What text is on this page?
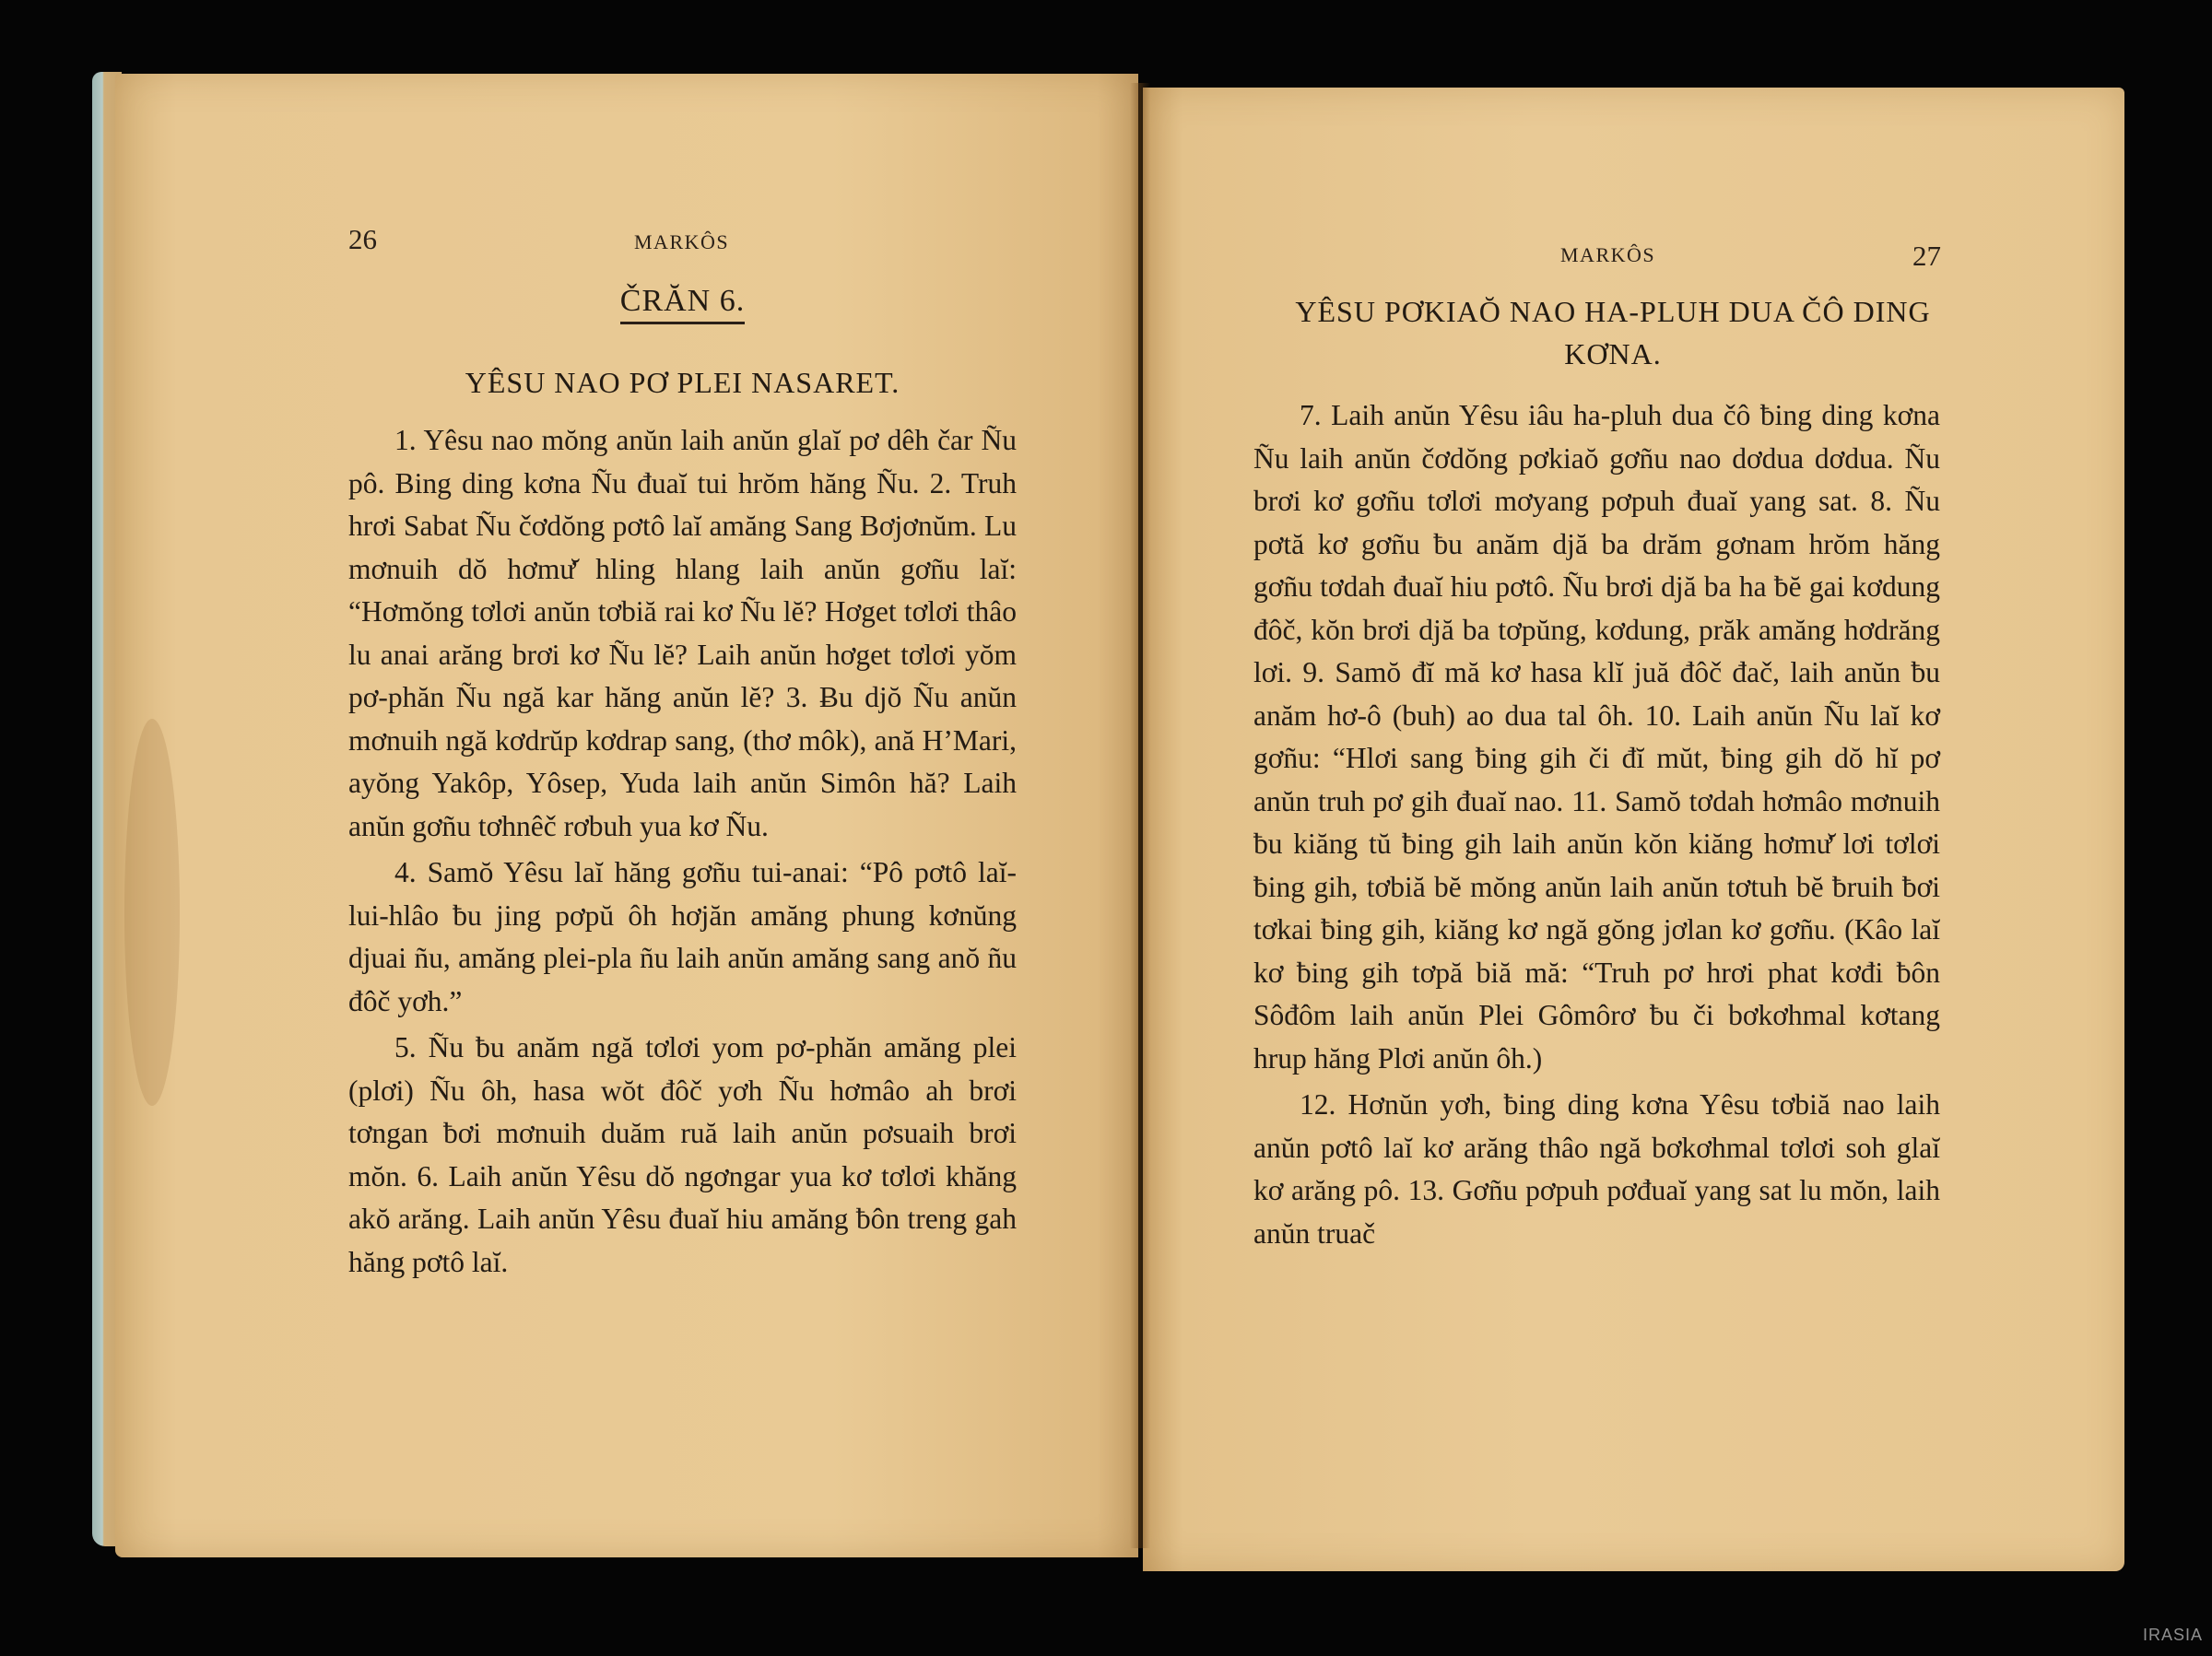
26	MARKÔS
ČRĂN 6.
YÊSU NAO PƠ PLEI NASARET.

1. Yêsu nao mŏng anŭn laih anŭn glaĭ pơ dêh čar Ñu pô. Bing ding kơna Ñu đuaĭ tui hrŏm hăng Ñu. 2. Truh hrơi Sabat Ñu čơdŏng pơtô laĭ amăng Sang Bơjơnŭm. Lu mơnuih dŏ hơmư̆ hling hlang laih anŭn gơñu laĭ: “Hơmŏng tơlơi anŭn tơbiă rai kơ Ñu lĕ? Hơget tơlơi thâo lu anai arăng brơi kơ Ñu lĕ? Laih anŭn hơget tơlơi yŏm pơ-phăn Ñu ngă kar hăng anŭn lĕ? 3. Ƀu djŏ Ñu anŭn mơnuih ngă kơdrŭp kơdrap sang, (thơ môk), ană H’Mari, ayŏng Yakôp, Yôsep, Yuda laih anŭn Simôn hă? Laih anŭn gơñu tơhnêč rơbuh yua kơ Ñu.

4. Samŏ Yêsu laĭ hăng gơñu tui-anai: “Pô pơtô laĭ-lui-hlâo ƀu jing pơpŭ ôh hơjăn amăng phung kơnŭng djuai ñu, amăng plei-pla ñu laih anŭn amăng sang anŏ ñu đôč yơh.”

5. Ñu ƀu anăm ngă tơlơi yom pơ-phăn amăng plei (plơi) Ñu ôh, hasa wŏt đôč yơh Ñu hơmâo ah brơi tơngan ƀơi mơnuih duăm ruă laih anŭn pơsuaih brơi mŏn. 6. Laih anŭn Yêsu dŏ ngơngar yua kơ tơlơi khăng akŏ arăng. Laih anŭn Yêsu đuaĭ hiu amăng ƀôn treng gah hăng pơtô laĭ.

MARKÔS	27
YÊSU PƠKIAŎ NAO HA-PLUH DUA ČÔ DING KƠNA.

7. Laih anŭn Yêsu iâu ha-pluh dua čô ƀing ding kơna Ñu laih anŭn čơdŏng pơkiaŏ gơñu nao dơdua dơdua. Ñu brơi kơ gơñu tơlơi mơyang pơpuh đuaĭ yang sat. 8. Ñu pơtă kơ gơñu ƀu anăm djă ba drăm gơnam hrŏm hăng gơñu tơdah đuaĭ hiu pơtô. Ñu brơi djă ba ha ƀĕ gai kơdung đôč, kŏn brơi djă ba tơpŭng, kơdung, prăk amăng hơdrăng lơi. 9. Samŏ đĭ mă kơ hasa klĭ juă đôč đač, laih anŭn ƀu anăm hơ-ô (buh) ao dua tal ôh. 10. Laih anŭn Ñu laĭ kơ gơñu: “Hlơi sang ƀing gih či đĭ mŭt, ƀing gih dŏ hĭ pơ anŭn truh pơ gih đuaĭ nao. 11. Samŏ tơdah hơmâo mơnuih ƀu kiăng tŭ ƀing gih laih anŭn kŏn kiăng hơmư̆ lơi tơlơi ƀing gih, tơbiă bĕ mŏng anŭn laih anŭn tơtuh bĕ ƀruih ƀơi tơkai ƀing gih, kiăng kơ ngă gŏng jơlan kơ gơñu. (Kâo laĭ kơ ƀing gih tơpă biă mă: “Truh pơ hrơi phat kơđi ƀôn Sôđôm laih anŭn Plei Gômôrơ ƀu či bơkơhmal kơtang hrup hăng Plơi anŭn ôh.)

12. Hơnŭn yơh, ƀing ding kơna Yêsu tơbiă nao laih anŭn pơtô laĭ kơ arăng thâo ngă bơkơhmal tơlơi soh glaĭ kơ arăng pô. 13. Gơñu pơpuh pơđuaĭ yang sat lu mŏn, laih anŭn truač

IRASIA
